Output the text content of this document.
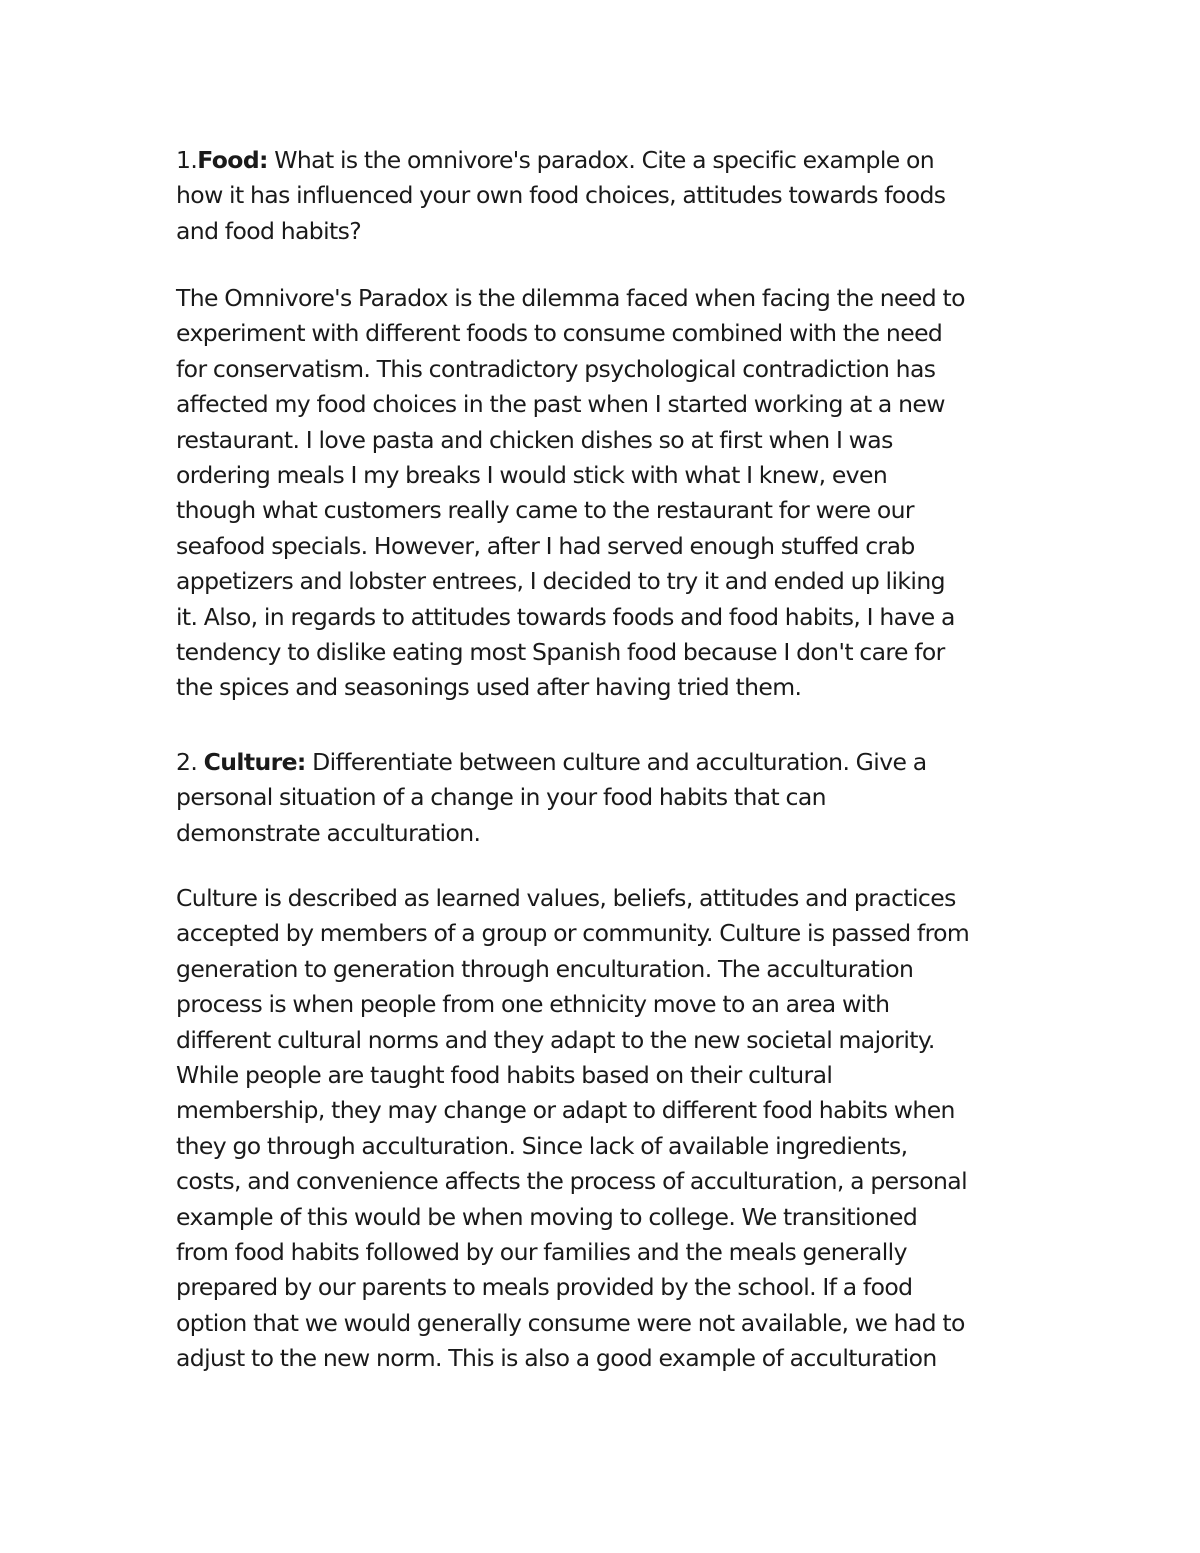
1.Food: What is the omnivore's paradox. Cite a specific example on
how it has influenced your own food choices, attitudes towards foods
and food habits?

The Omnivore's Paradox is the dilemma faced when facing the need to
experiment with different foods to consume combined with the need
for conservatism. This contradictory psychological contradiction has
affected my food choices in the past when I started working at a new
restaurant. I love pasta and chicken dishes so at first when I was
ordering meals I my breaks I would stick with what I knew, even
though what customers really came to the restaurant for were our
seafood specials. However, after I had served enough stuffed crab
appetizers and lobster entrees, I decided to try it and ended up liking
it. Also, in regards to attitudes towards foods and food habits, I have a
tendency to dislike eating most Spanish food because I don't care for
the spices and seasonings used after having tried them.

2. Culture: Differentiate between culture and acculturation. Give a
personal situation of a change in your food habits that can
demonstrate acculturation.

Culture is described as learned values, beliefs, attitudes and practices
accepted by members of a group or community. Culture is passed from
generation to generation through enculturation. The acculturation
process is when people from one ethnicity move to an area with
different cultural norms and they adapt to the new societal majority.
While people are taught food habits based on their cultural
membership, they may change or adapt to different food habits when
they go through acculturation. Since lack of available ingredients,
costs, and convenience affects the process of acculturation, a personal
example of this would be when moving to college. We transitioned
from food habits followed by our families and the meals generally
prepared by our parents to meals provided by the school. If a food
option that we would generally consume were not available, we had to
adjust to the new norm. This is also a good example of acculturation
